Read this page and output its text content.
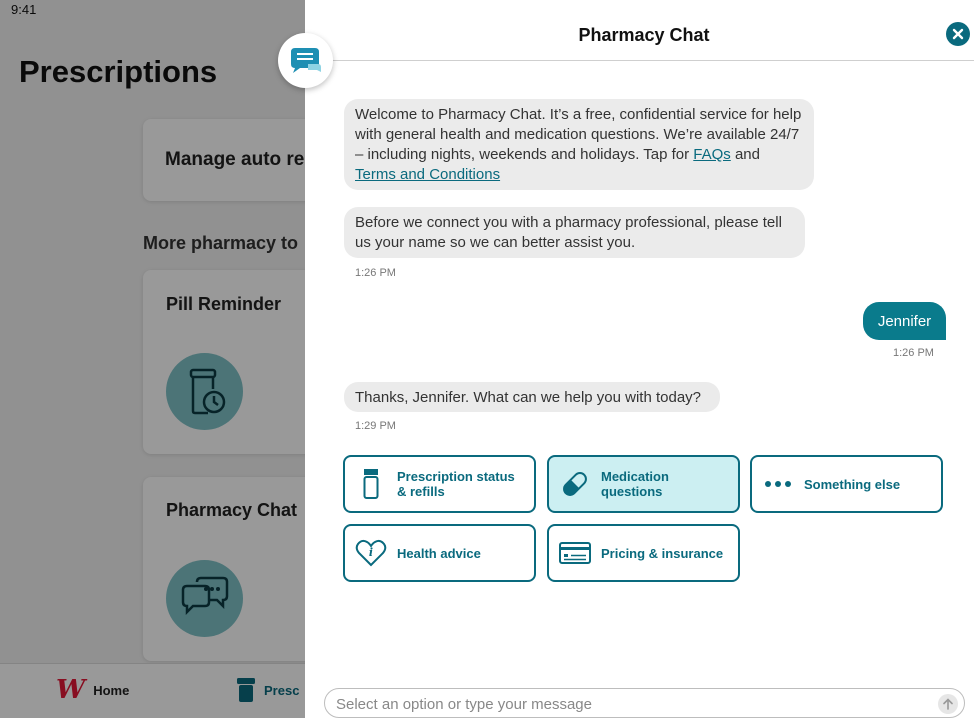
9:41
Prescriptions
Manage auto re
More pharmacy to
Pill Reminder
Pharmacy Chat
W Home	Presc
Pharmacy Chat
Welcome to Pharmacy Chat. It’s a free, confidential service for help with general health and medication questions. We’re available 24/7 – including nights, weekends and holidays. Tap for FAQs and Terms and Conditions
Before we connect you with a pharmacy professional, please tell us your name so we can better assist you.
1:26 PM
Jennifer
1:26 PM
Thanks, Jennifer. What can we help you with today?
1:29 PM
Prescription status & refills
Medication questions	Something else
i Health advice	Pricing & insurance
Select an option or type your message
